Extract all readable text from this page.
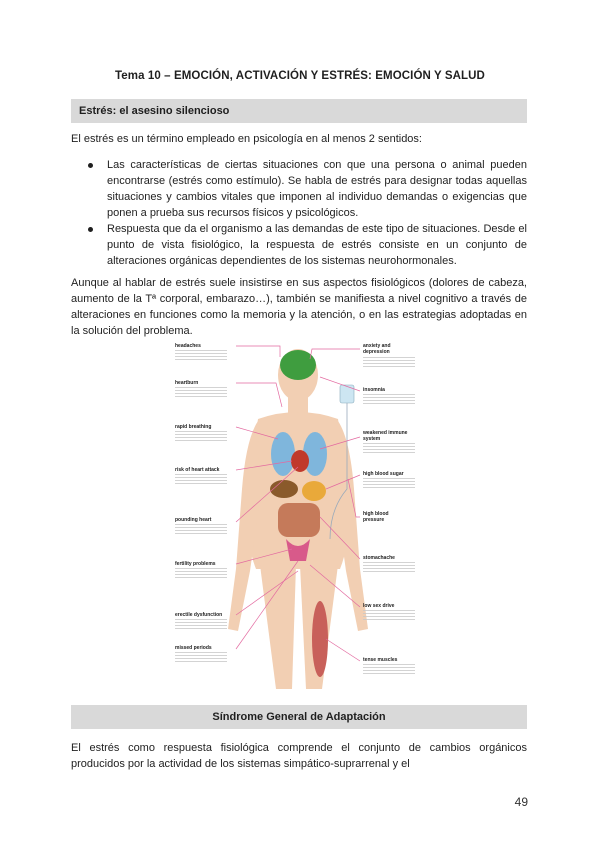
Tema 10 – EMOCIÓN, ACTIVACIÓN Y ESTRÉS: EMOCIÓN Y SALUD
Estrés: el asesino silencioso

El estrés es un término empleado en psicología en al menos 2 sentidos:

Las características de ciertas situaciones con que una persona o animal pueden encontrarse (estrés como estímulo). Se habla de estrés para designar todas aquellas situaciones y cambios vitales que imponen al individuo demandas o exigencias que ponen a prueba sus recursos físicos y psicológicos.
Respuesta que da el organismo a las demandas de este tipo de situaciones. Desde el punto de vista fisiológico, la respuesta de estrés consiste en un conjunto de alteraciones orgánicas dependientes de los sistemas neurohormonales.

Aunque al hablar de estrés suele insistirse en sus aspectos fisiológicos (dolores de cabeza, aumento de la Tª corporal, embarazo…), también se manifiesta a nivel cognitivo a través de alteraciones en funciones como la memoria y la atención, o en las estrategias adoptadas en la solución del problema.

headaches
heartburn
rapid breathing
risk of heart attack
pounding heart
fertility problems
erectile dysfunction
missed periods
anxiety and depression
insomnia
weakened immune system
high blood sugar
high blood pressure
stomachache
low sex drive
tense muscles
Síndrome General de Adaptación

El estrés como respuesta fisiológica comprende el conjunto de cambios orgánicos producidos por la actividad de los sistemas simpático-suprarrenal y el

49
